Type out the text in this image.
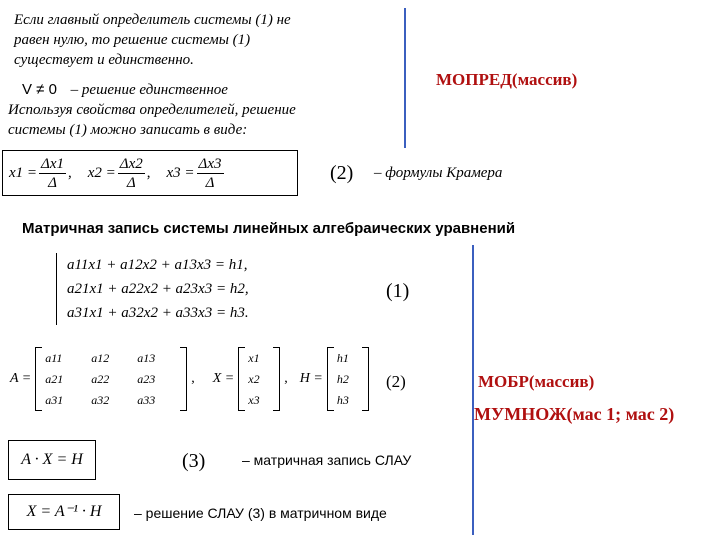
Если главный определитель системы (1) не
равен нулю, то решение системы (1)
существует и единственно.
V ≠ 0 – решение единственное
Используя свойства определителей, решение
системы (1) можно записать в виде:
МОПРЕД(массив)
$x1 = \frac{\Delta x1}{\Delta}$ , $x2 = \frac{\Delta x2}{\Delta}$ , $x3 = \frac{\Delta x3}{\Delta}$	(2) – формулы Крамера
Матричная запись системы линейных алгебраических уравнений
a11x1 + a12x2 + a13x3 = h1,
a21x1 + a22x2 + a23x3 = h2,
a31x1 + a32x2 + a33x3 = h3.
(1)
A =
a11	a12	a13
a21	a22	a23
a31	a32	a33
, X =
x1
x2
x3
, H =
h1
h2
h3
(2)	МОБР(массив)
МУМНОЖ(мас 1; мас 2)
A · X = H	(3)	– матричная запись СЛАУ
X = A⁻¹ · H	– решение СЛАУ (3) в матричном виде
